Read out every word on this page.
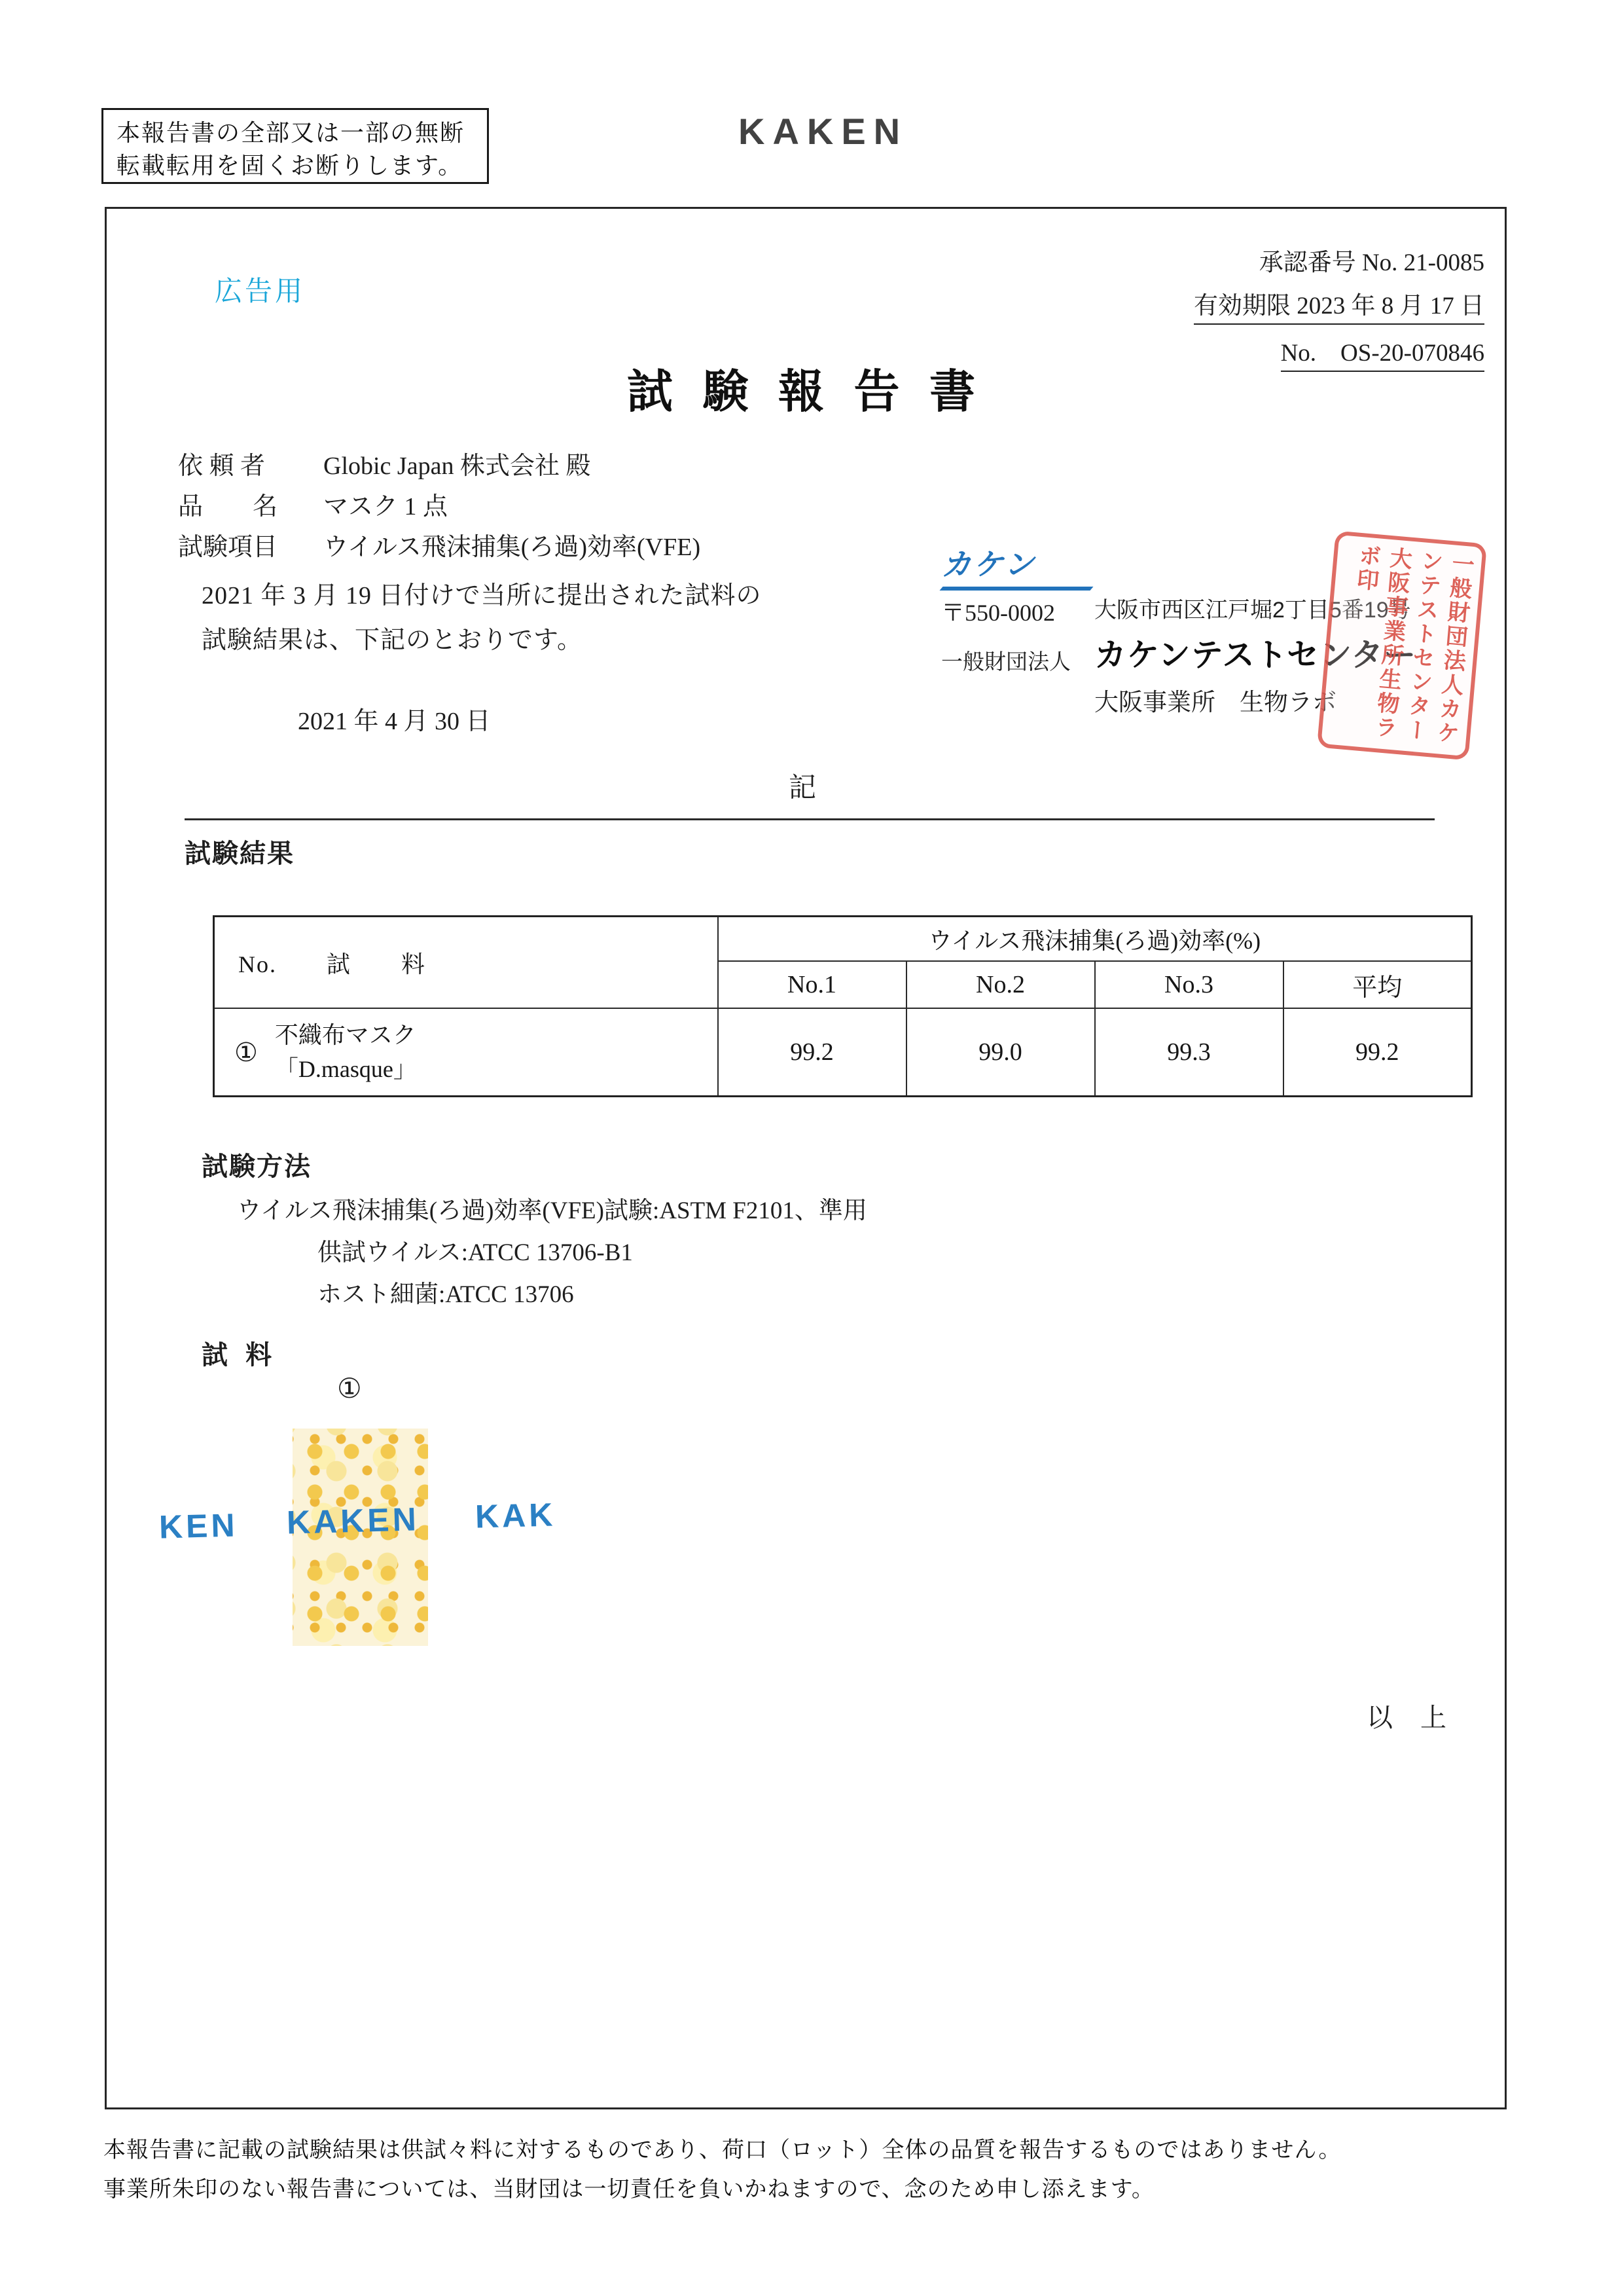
本報告書の全部又は一部の無断
転載転用を固くお断りします。
KAKEN
広告用
承認番号 No. 21-0085
有効期限 2023 年 8 月 17 日
No.　OS-20-070846
試 験 報 告 書
依 頼 者	Globic Japan 株式会社 殿
品　　名	マスク 1 点
試験項目	ウイルス飛沫捕集(ろ過)効率(VFE)
2021 年 3 月 19 日付けで当所に提出された試料の
試験結果は、下記のとおりです。
2021 年 4 月 30 日
カケン
〒550-0002 大阪市西区江戸堀2丁目5番19号
一般財団法人 カケンテストセンター
大阪事業所　生物ラボ	一般財団法人カケンテストセンター大阪事業所生物ラボ印
記
試験結果
No.　　試　　料	ウイルス飛沫捕集(ろ過)効率(%)			
	No.1	No.2	No.3	平均

①
不織布マスク
「D.masque」	99.2	99.0	99.3	99.2
試験方法
ウイルス飛沫捕集(ろ過)効率(VFE)試験:ASTM F2101、準用
供試ウイルス:ATCC 13706-B1
ホスト細菌:ATCC 13706
試 料
①
KEN KAKEN KAK
以 上
本報告書に記載の試験結果は供試々料に対するものであり、荷口（ロット）全体の品質を報告するものではありません。
事業所朱印のない報告書については、当財団は一切責任を負いかねますので、念のため申し添えます。
